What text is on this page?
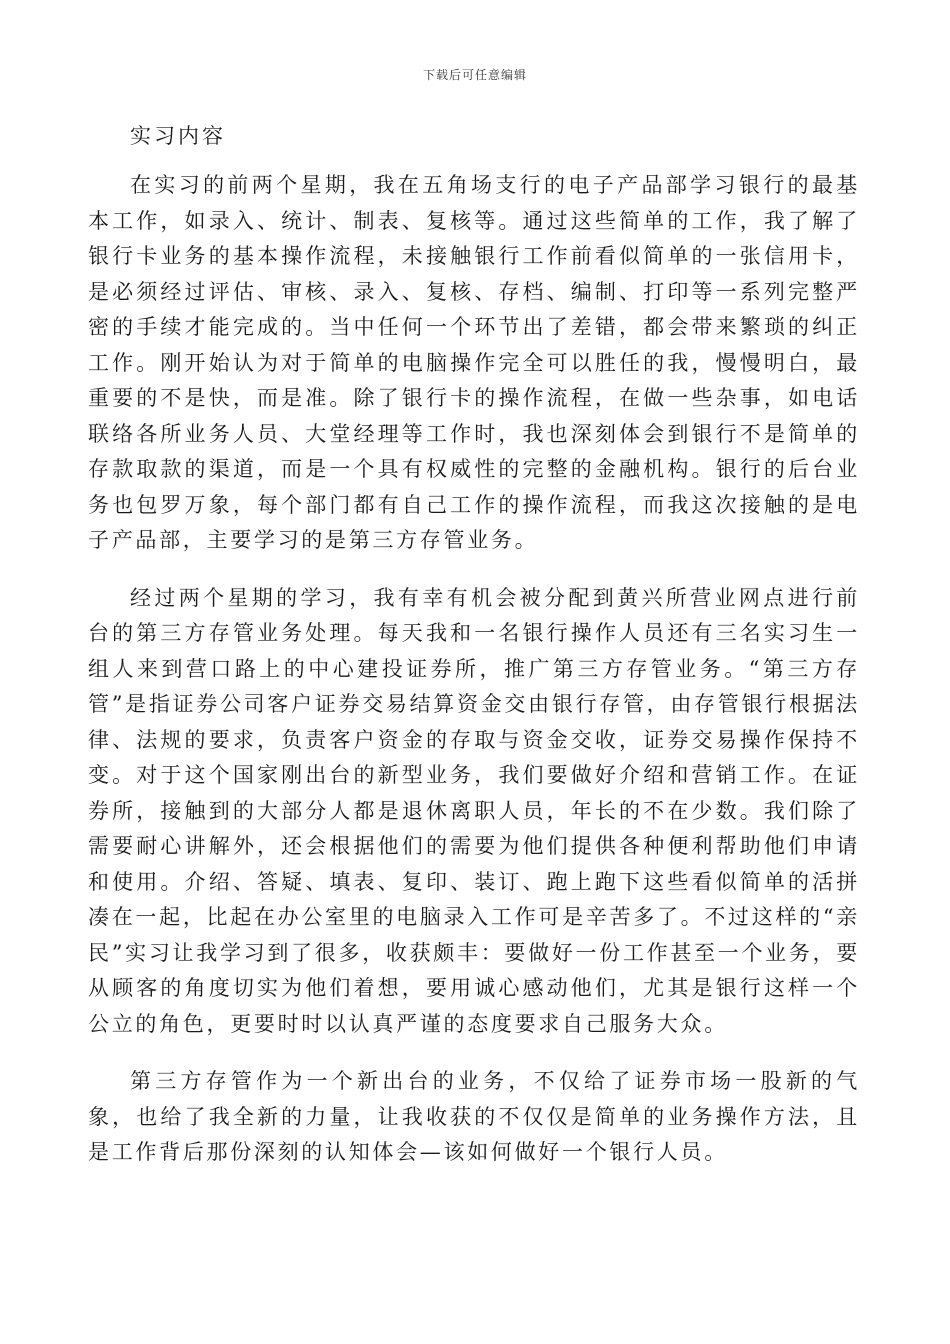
下载后可任意编辑

实习内容

在实习的前两个星期，我在五角场支行的电子产品部学习银行的最基本工作，如录入、统计、制表、复核等。通过这些简单的工作，我了解了银行卡业务的基本操作流程，未接触银行工作前看似简单的一张信用卡，是必须经过评估、审核、录入、复核、存档、编制、打印等一系列完整严密的手续才能完成的。当中任何一个环节出了差错，都会带来繁琐的纠正工作。刚开始认为对于简单的电脑操作完全可以胜任的我，慢慢明白，最重要的不是快，而是准。除了银行卡的操作流程，在做一些杂事，如电话联络各所业务人员、大堂经理等工作时，我也深刻体会到银行不是简单的存款取款的渠道，而是一个具有权威性的完整的金融机构。银行的后台业务也包罗万象，每个部门都有自己工作的操作流程，而我这次接触的是电子产品部，主要学习的是第三方存管业务。

经过两个星期的学习，我有幸有机会被分配到黄兴所营业网点进行前台的第三方存管业务处理。每天我和一名银行操作人员还有三名实习生一组人来到营口路上的中心建投证券所，推广第三方存管业务。“第三方存管”是指证券公司客户证券交易结算资金交由银行存管，由存管银行根据法律、法规的要求，负责客户资金的存取与资金交收，证券交易操作保持不变。对于这个国家刚出台的新型业务，我们要做好介绍和营销工作。在证券所，接触到的大部分人都是退休离职人员，年长的不在少数。我们除了需要耐心讲解外，还会根据他们的需要为他们提供各种便利帮助他们申请和使用。介绍、答疑、填表、复印、装订、跑上跑下这些看似简单的活拼凑在一起，比起在办公室里的电脑录入工作可是辛苦多了。不过这样的“亲民”实习让我学习到了很多，收获颇丰：要做好一份工作甚至一个业务，要从顾客的角度切实为他们着想，要用诚心感动他们，尤其是银行这样一个公立的角色，更要时时以认真严谨的态度要求自己服务大众。

第三方存管作为一个新出台的业务，不仅给了证券市场一股新的气象，也给了我全新的力量，让我收获的不仅仅是简单的业务操作方法，且是工作背后那份深刻的认知体会—该如何做好一个银行人员。
